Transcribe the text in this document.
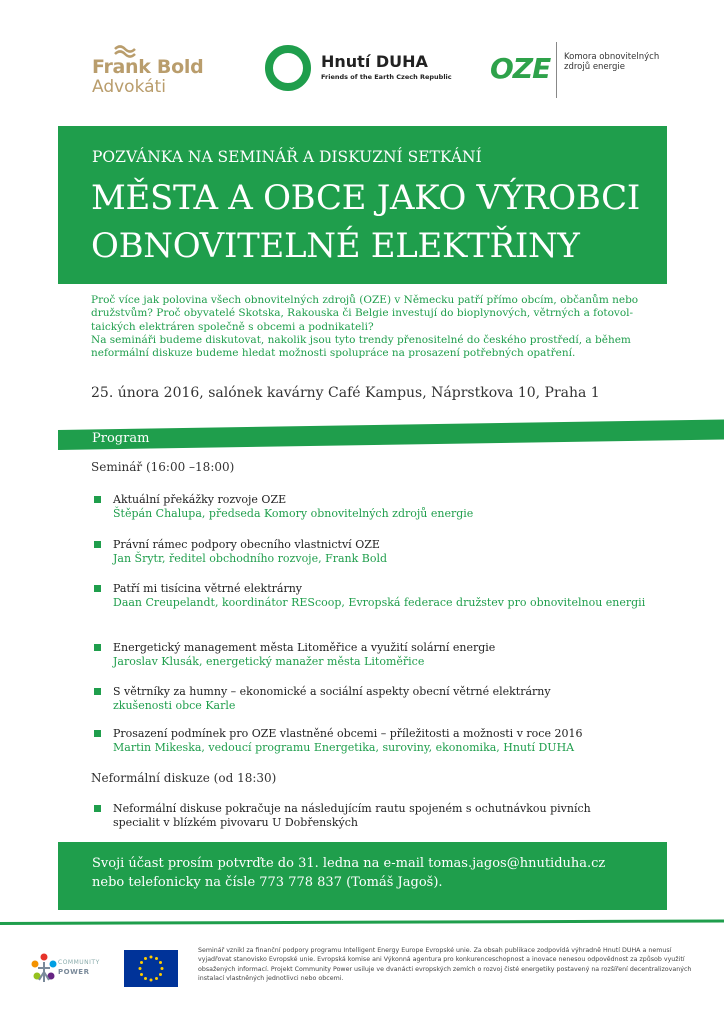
Frank Bold
Advokáti
Hnutí DUHA
Friends of the Earth Czech Republic OZE Komora obnovitelných zdrojů energie
POZVÁNKA NA SEMINÁŘ A DISKUZNÍ SETKÁNÍ
MĚSTA A OBCE JAKO VÝROBCI
OBNOVITELNÉ ELEKTŘINY
Proč více jak polovina všech obnovitelných zdrojů (OZE) v Německu patří přímo obcím, občanům nebo
družstvům? Proč obyvatelé Skotska, Rakouska či Belgie investují do bioplynových, větrných a fotovol-
taických elektráren společně s obcemi a podnikateli?
Na semináři budeme diskutovat, nakolik jsou tyto trendy přenositelné do českého prostředí, a během
neformální diskuze budeme hledat možnosti spolupráce na prosazení potřebných opatření.
25. února 2016, salónek kavárny Café Kampus, Náprstkova 10, Praha 1
Program
Seminář (16:00 –18:00)
Aktuální překážky rozvoje OZE
Štěpán Chalupa, předseda Komory obnovitelných zdrojů energie
Právní rámec podpory obecního vlastnictví OZE
Jan Šrytr, ředitel obchodního rozvoje, Frank Bold
Patří mi tisícina větrné elektrárny
Daan Creupelandt, koordinátor REScoop, Evropská federace družstev pro obnovitelnou energii
Energetický management města Litoměřice a využití solární energie
Jaroslav Klusák, energetický manažer města Litoměřice
S větrníky za humny – ekonomické a sociální aspekty obecní větrné elektrárny
zkušenosti obce Karle
Prosazení podmínek pro OZE vlastněné obcemi – příležitosti a možnosti v roce 2016
Martin Mikeska, vedoucí programu Energetika, suroviny, ekonomika, Hnutí DUHA
Neformální diskuze (od 18:30)
Neformální diskuse pokračuje na následujícím rautu spojeném s ochutnávkou pivních specialit v blízkém pivovaru U Dobřenských
Svoji účast prosím potvrďte do 31. ledna na e-mail tomas.jagos@hnutiduha.cz
nebo telefonicky na čísle 773 778 837 (Tomáš Jagoš).
COMMUNITY
POWER
Seminář vznikl za finanční podpory programu Intelligent Energy Europe Evropské unie. Za obsah publikace zodpovídá výhradně Hnutí DUHA a nemusí vyjadřovat stanovisko Evropské unie. Evropská komise ani Výkonná agentura pro konkurenceschopnost a inovace nenesou odpovědnost za způsob využití obsažených informací. Projekt Community Power usiluje ve dvanácti evropských zemích o rozvoj čisté energetiky postavený na rozšíření decentralizovaných instalací vlastněných jednotlivci nebo obcemi.
